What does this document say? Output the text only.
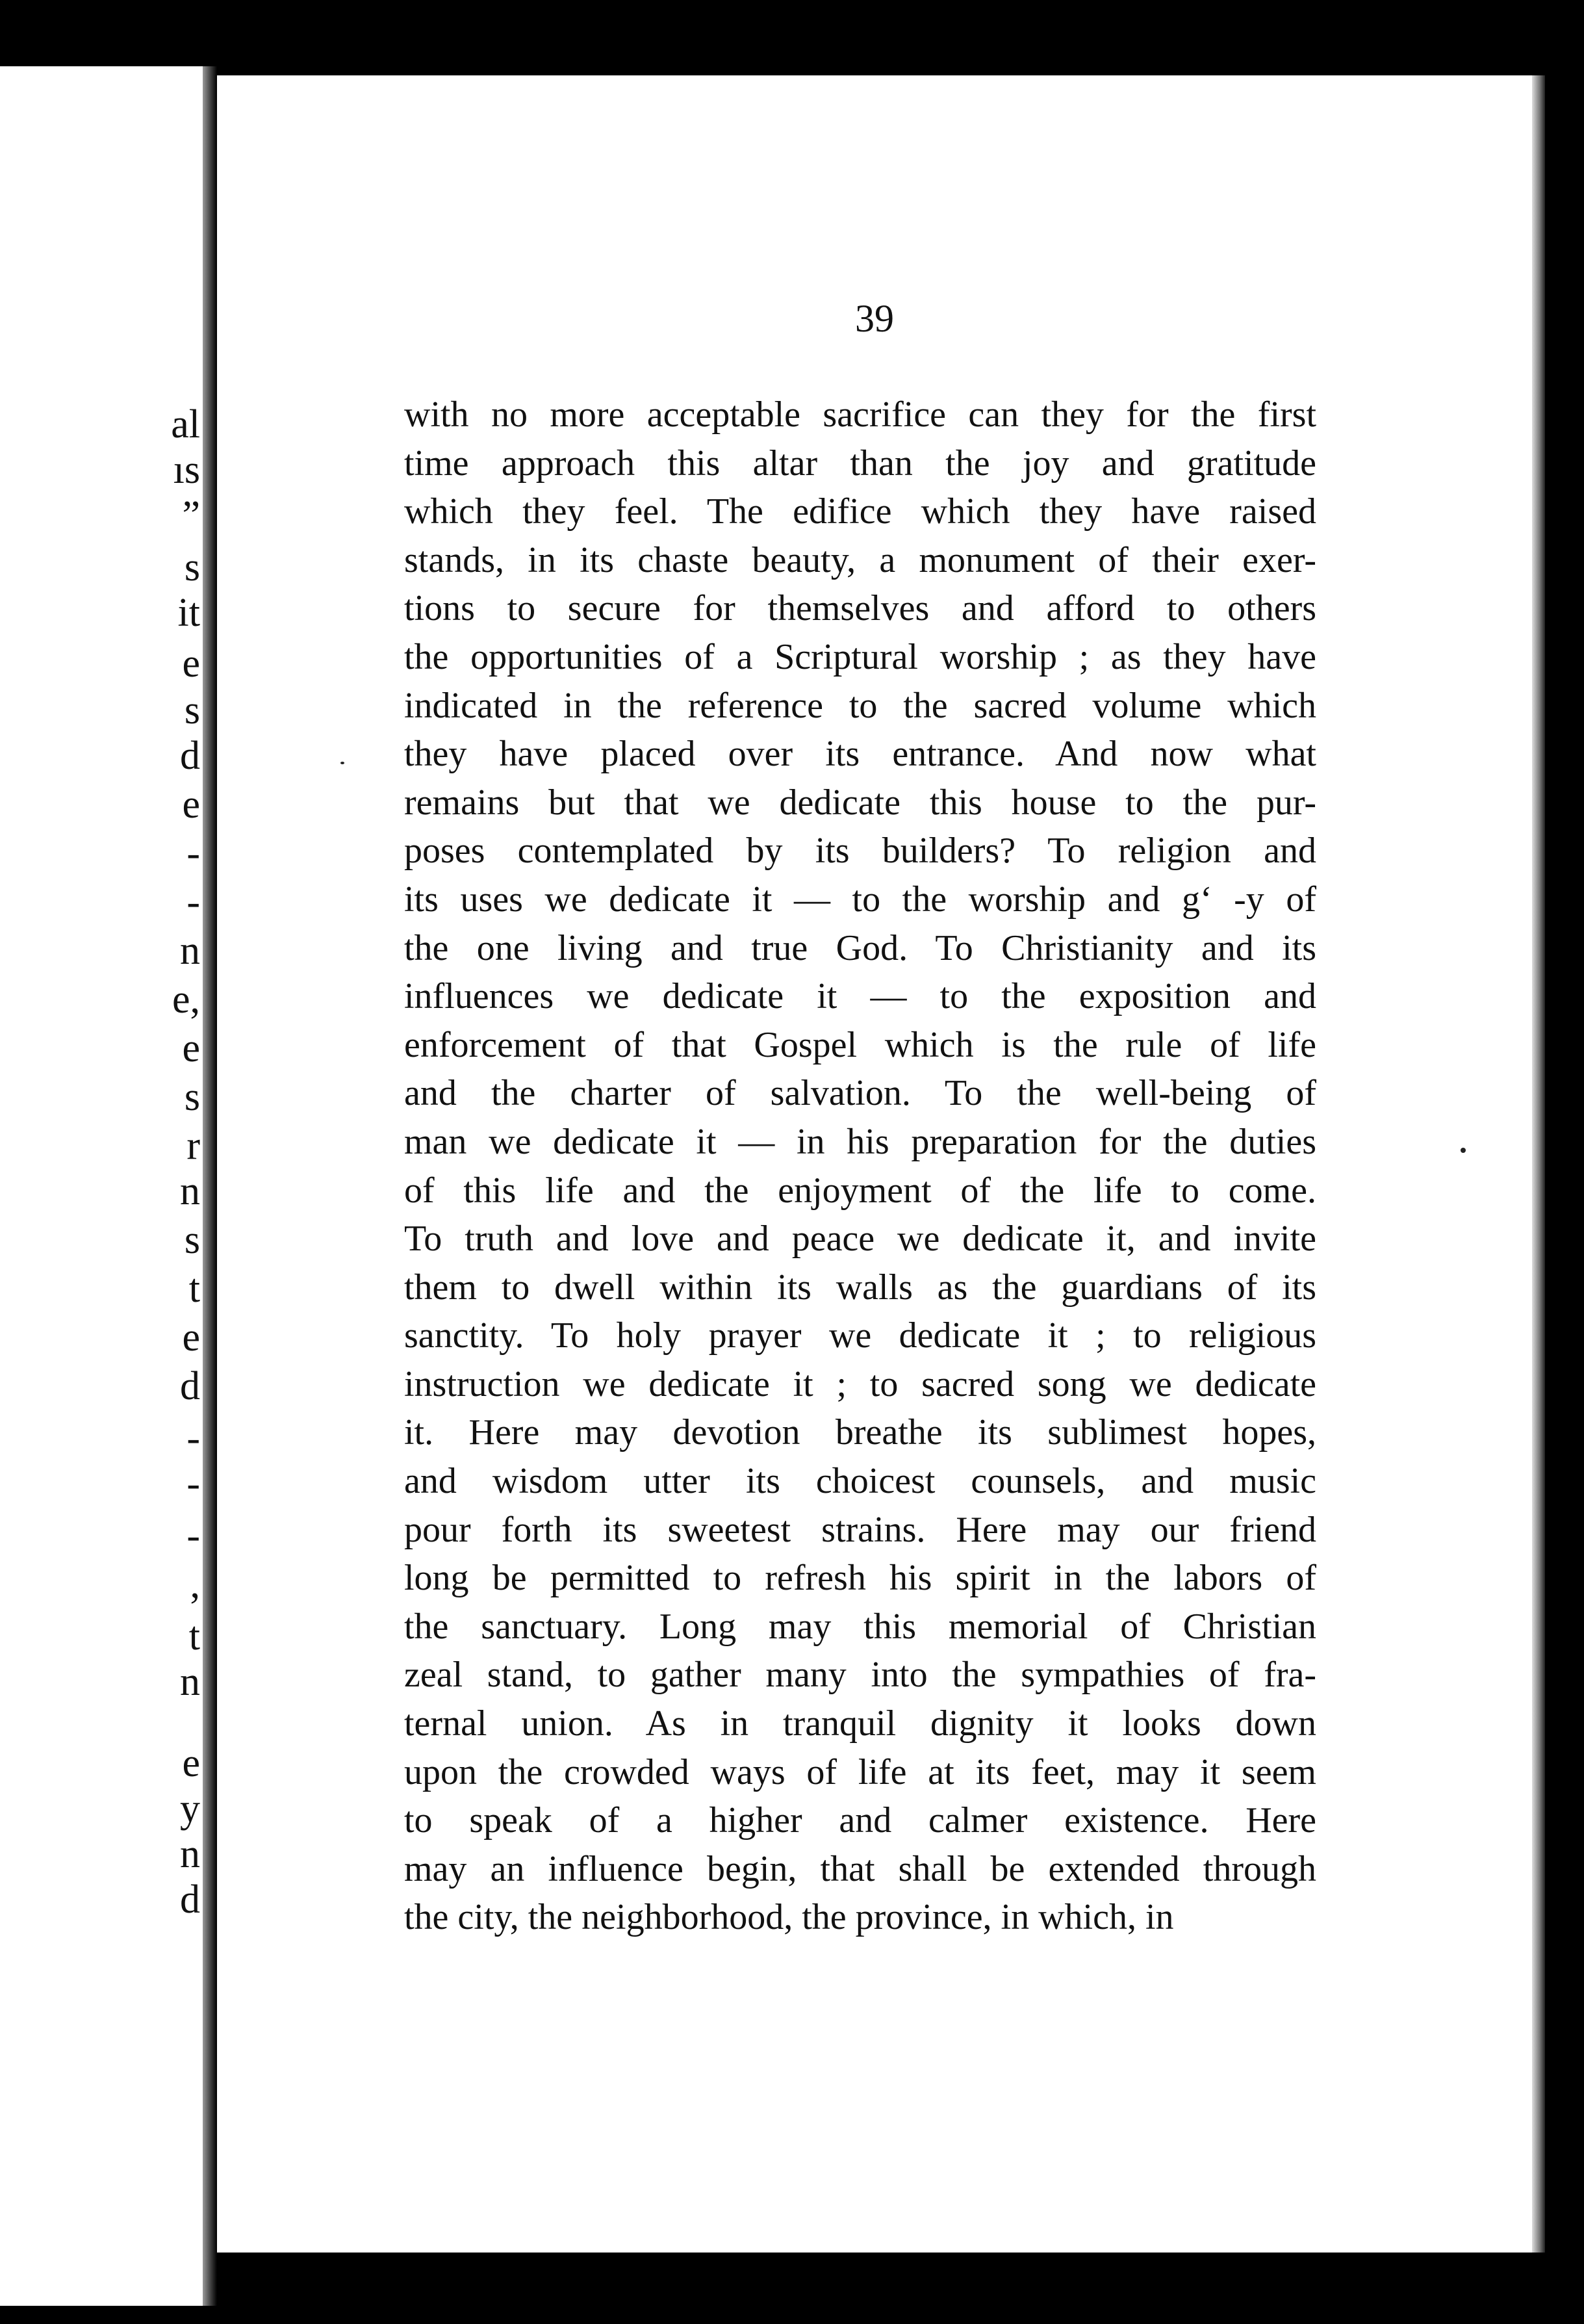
al
ıs
”
s
it
e
s
d
e
-
-
n
e,
e
s
r
n
s
t
e
d
-
-
-
,
t
n
e
y
n
d

39

with no more acceptable sacrifice can they for the first
time approach this altar than the joy and gratitude
which they feel. The edifice which they have raised
stands, in its chaste beauty, a monument of their exer-
tions to secure for themselves and afford to others
the opportunities of a Scriptural worship ; as they have
indicated in the reference to the sacred volume which
they have placed over its entrance. And now what
remains but that we dedicate this house to the pur-
poses contemplated by its builders? To religion and
its uses we dedicate it — to the worship and g‘ ‑y of
the one living and true God. To Christianity and its
influences we dedicate it — to the exposition and
enforcement of that Gospel which is the rule of life
and the charter of salvation. To the well-being of
man we dedicate it — in his preparation for the duties
of this life and the enjoyment of the life to come.
To truth and love and peace we dedicate it, and invite
them to dwell within its walls as the guardians of its
sanctity. To holy prayer we dedicate it ; to religious
instruction we dedicate it ; to sacred song we dedicate
it. Here may devotion breathe its sublimest hopes,
and wisdom utter its choicest counsels, and music
pour forth its sweetest strains. Here may our friend
long be permitted to refresh his spirit in the labors of
the sanctuary. Long may this memorial of Christian
zeal stand, to gather many into the sympathies of fra-
ternal union. As in tranquil dignity it looks down
upon the crowded ways of life at its feet, may it seem
to speak of a higher and calmer existence. Here
may an influence begin, that shall be extended through
the city, the neighborhood, the province, in which, in
